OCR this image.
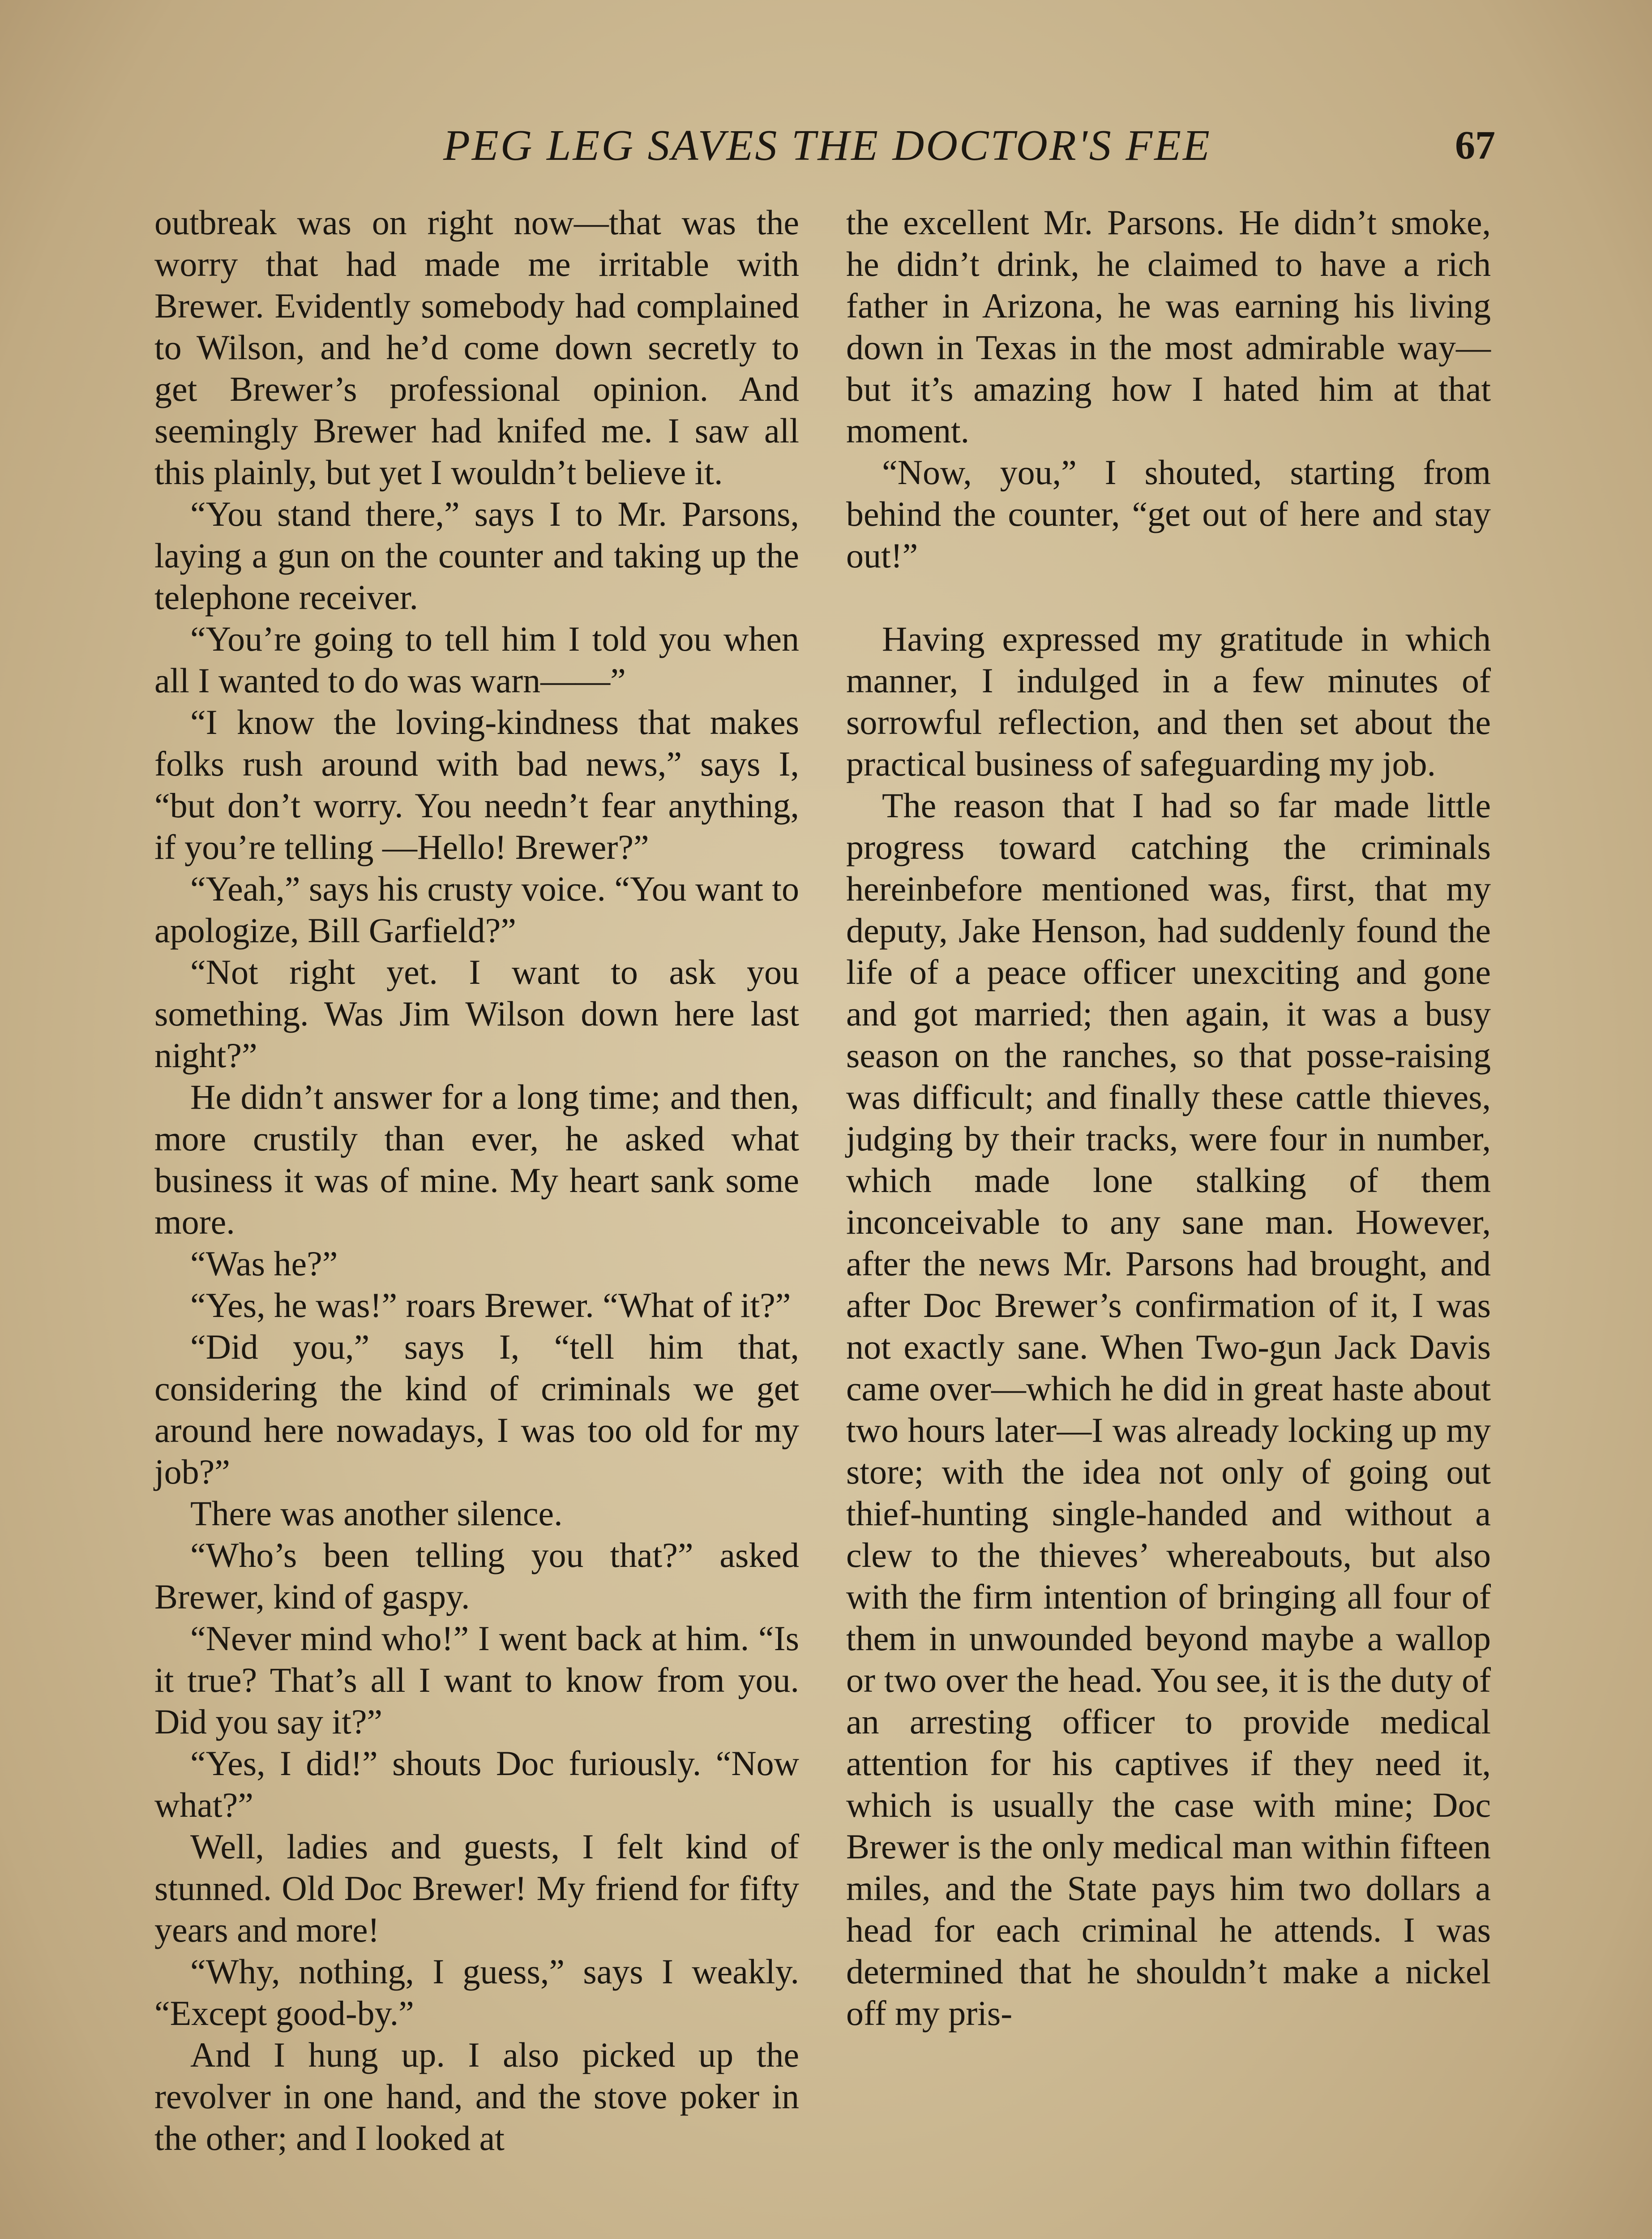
PEG LEG SAVES THE DOCTOR'S FEE	67

outbreak was on right now—that was the worry that had made me irritable with Brewer. Evidently somebody had complained to Wilson, and he’d come down secretly to get Brewer’s professional opinion. And seemingly Brewer had knifed me. I saw all this plainly, but yet I wouldn’t believe it.

“You stand there,” says I to Mr. Parsons, laying a gun on the counter and taking up the telephone receiver.

“You’re going to tell him I told you when all I wanted to do was warn——”

“I know the loving-kindness that makes folks rush around with bad news,” says I, “but don’t worry. You needn’t fear anything, if you’re telling —Hello! Brewer?”

“Yeah,” says his crusty voice. “You want to apologize, Bill Garfield?”

“Not right yet. I want to ask you something. Was Jim Wilson down here last night?”

He didn’t answer for a long time; and then, more crustily than ever, he asked what business it was of mine. My heart sank some more.

“Was he?”

“Yes, he was!” roars Brewer. “What of it?”

“Did you,” says I, “tell him that, considering the kind of criminals we get around here nowadays, I was too old for my job?”

There was another silence.

“Who’s been telling you that?” asked Brewer, kind of gaspy.

“Never mind who!” I went back at him. “Is it true? That’s all I want to know from you. Did you say it?”

“Yes, I did!” shouts Doc furiously. “Now what?”

Well, ladies and guests, I felt kind of stunned. Old Doc Brewer! My friend for fifty years and more!

“Why, nothing, I guess,” says I weakly. “Except good-by.”

And I hung up. I also picked up the revolver in one hand, and the stove poker in the other; and I looked at

the excellent Mr. Parsons. He didn’t smoke, he didn’t drink, he claimed to have a rich father in Arizona, he was earning his living down in Texas in the most admirable way—but it’s amazing how I hated him at that moment.

“Now, you,” I shouted, starting from behind the counter, “get out of here and stay out!”

Having expressed my gratitude in which manner, I indulged in a few minutes of sorrowful reflection, and then set about the practical business of safeguarding my job.

The reason that I had so far made little progress toward catching the criminals hereinbefore mentioned was, first, that my deputy, Jake Henson, had suddenly found the life of a peace officer unexciting and gone and got married; then again, it was a busy season on the ranches, so that posse-raising was difficult; and finally these cattle thieves, judging by their tracks, were four in number, which made lone stalking of them inconceivable to any sane man. However, after the news Mr. Parsons had brought, and after Doc Brewer’s confirmation of it, I was not exactly sane. When Two-gun Jack Davis came over—which he did in great haste about two hours later—I was already locking up my store; with the idea not only of going out thief-hunting single-handed and without a clew to the thieves’ whereabouts, but also with the firm intention of bringing all four of them in unwounded beyond maybe a wallop or two over the head. You see, it is the duty of an arresting officer to provide medical attention for his captives if they need it, which is usually the case with mine; Doc Brewer is the only medical man within fifteen miles, and the State pays him two dollars a head for each criminal he attends. I was determined that he shouldn’t make a nickel off my pris-
